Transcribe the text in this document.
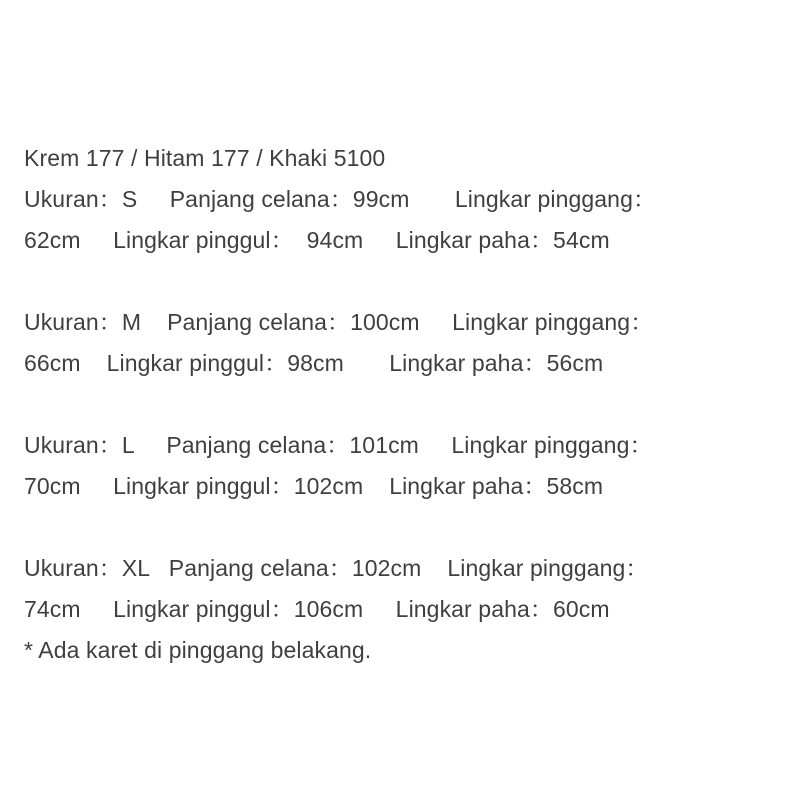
Krem 177 / Hitam 177 / Khaki 5100
Ukuran：S     Panjang celana：99cm       Lingkar pinggang：
62cm     Lingkar pinggul：  94cm     Lingkar paha：54cm
Ukuran：M    Panjang celana：100cm     Lingkar pinggang：
66cm    Lingkar pinggul：98cm       Lingkar paha：56cm
Ukuran：L     Panjang celana：101cm     Lingkar pinggang：
70cm     Lingkar pinggul：102cm    Lingkar paha：58cm
Ukuran：XL   Panjang celana：102cm    Lingkar pinggang：
74cm     Lingkar pinggul：106cm     Lingkar paha：60cm
* Ada karet di pinggang belakang.
